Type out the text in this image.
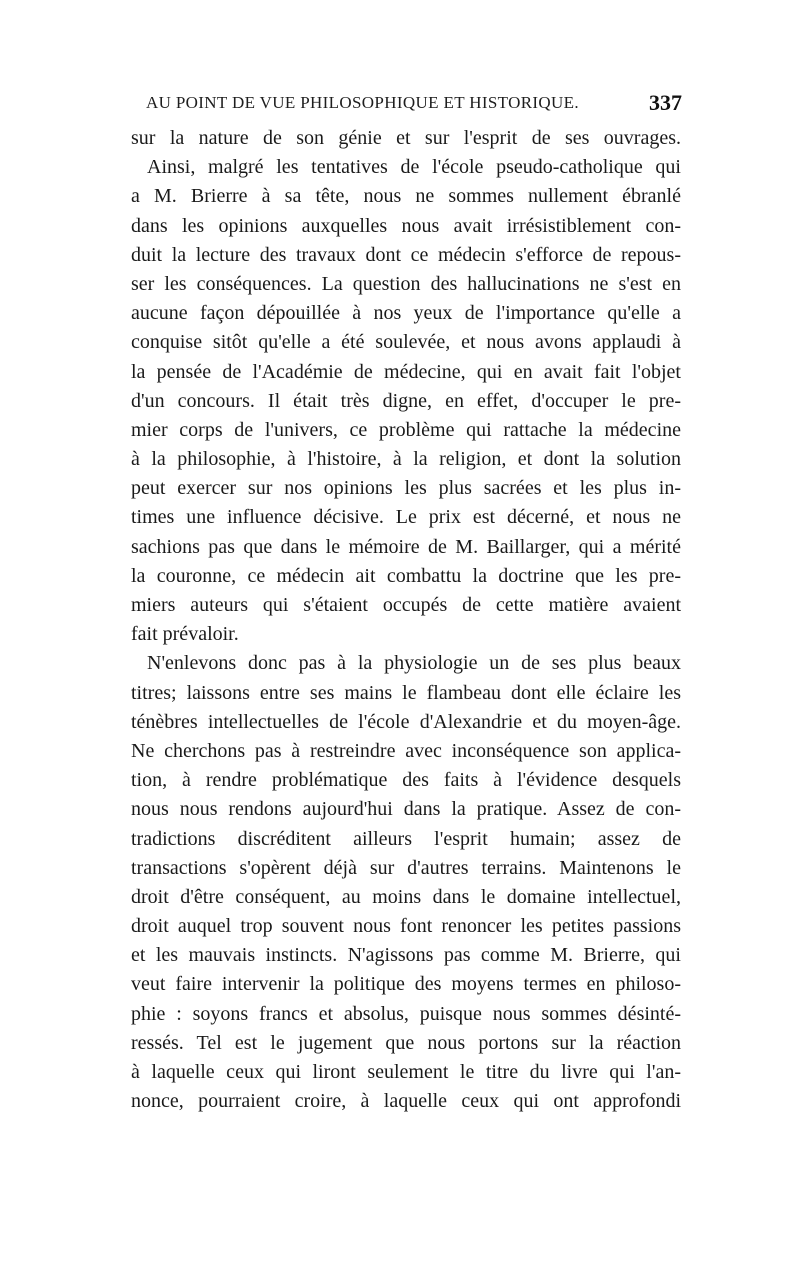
AU POINT DE VUE PHILOSOPHIQUE ET HISTORIQUE.	337
sur la nature de son génie et sur l'esprit de ses ouvrages.
Ainsi, malgré les tentatives de l'école pseudo-catholique qui
a M. Brierre à sa tête, nous ne sommes nullement ébranlé
dans les opinions auxquelles nous avait irrésistiblement con-
duit la lecture des travaux dont ce médecin s'efforce de repous-
ser les conséquences. La question des hallucinations ne s'est en
aucune façon dépouillée à nos yeux de l'importance qu'elle a
conquise sitôt qu'elle a été soulevée, et nous avons applaudi à
la pensée de l'Académie de médecine, qui en avait fait l'objet
d'un concours. Il était très digne, en effet, d'occuper le pre-
mier corps de l'univers, ce problème qui rattache la médecine
à la philosophie, à l'histoire, à la religion, et dont la solution
peut exercer sur nos opinions les plus sacrées et les plus in-
times une influence décisive. Le prix est décerné, et nous ne
sachions pas que dans le mémoire de M. Baillarger, qui a mérité
la couronne, ce médecin ait combattu la doctrine que les pre-
miers auteurs qui s'étaient occupés de cette matière avaient
fait prévaloir.
N'enlevons donc pas à la physiologie un de ses plus beaux
titres; laissons entre ses mains le flambeau dont elle éclaire les
ténèbres intellectuelles de l'école d'Alexandrie et du moyen-âge.
Ne cherchons pas à restreindre avec inconséquence son applica-
tion, à rendre problématique des faits à l'évidence desquels
nous nous rendons aujourd'hui dans la pratique. Assez de con-
tradictions discréditent ailleurs l'esprit humain; assez de
transactions s'opèrent déjà sur d'autres terrains. Maintenons le
droit d'être conséquent, au moins dans le domaine intellectuel,
droit auquel trop souvent nous font renoncer les petites passions
et les mauvais instincts. N'agissons pas comme M. Brierre, qui
veut faire intervenir la politique des moyens termes en philoso-
phie : soyons francs et absolus, puisque nous sommes désinté-
ressés. Tel est le jugement que nous portons sur la réaction
à laquelle ceux qui liront seulement le titre du livre qui l'an-
nonce, pourraient croire, à laquelle ceux qui ont approfondi
